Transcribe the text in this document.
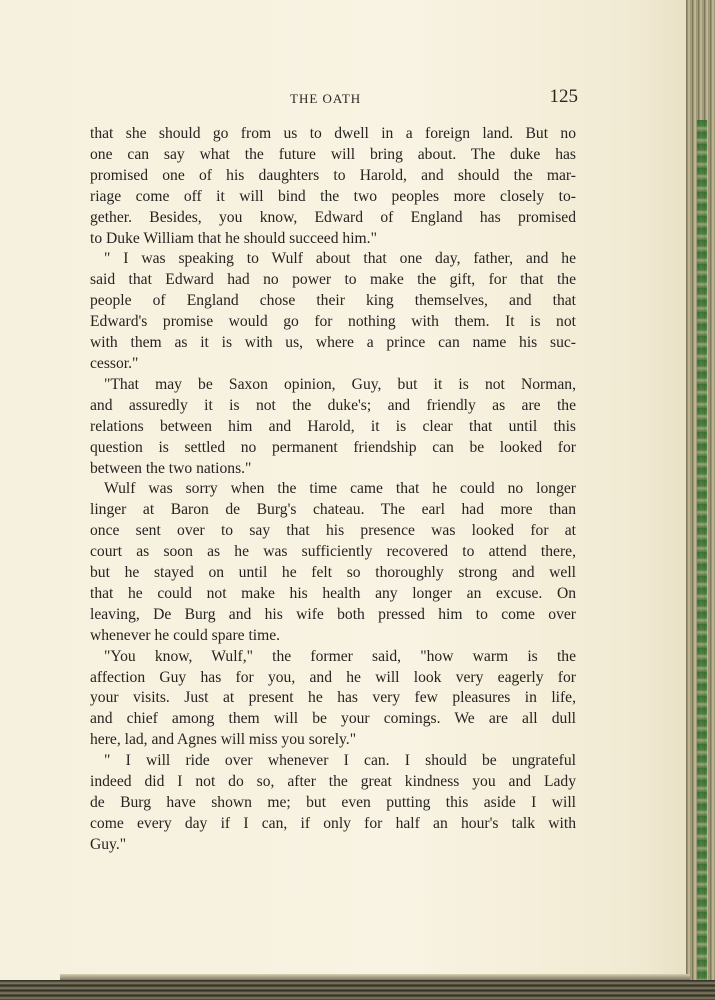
THE OATH	125

that she should go from us to dwell in a foreign land. But no

one can say what the future will bring about. The duke has

promised one of his daughters to Harold, and should the mar-

riage come off it will bind the two peoples more closely to-

gether. Besides, you know, Edward of England has promised

to Duke William that he should succeed him."

" I was speaking to Wulf about that one day, father, and he

said that Edward had no power to make the gift, for that the

people of England chose their king themselves, and that

Edward's promise would go for nothing with them. It is not

with them as it is with us, where a prince can name his suc-

cessor."

"That may be Saxon opinion, Guy, but it is not Norman,

and assuredly it is not the duke's; and friendly as are the

relations between him and Harold, it is clear that until this

question is settled no permanent friendship can be looked for

between the two nations."

Wulf was sorry when the time came that he could no longer

linger at Baron de Burg's chateau. The earl had more than

once sent over to say that his presence was looked for at

court as soon as he was sufficiently recovered to attend there,

but he stayed on until he felt so thoroughly strong and well

that he could not make his health any longer an excuse. On

leaving, De Burg and his wife both pressed him to come over

whenever he could spare time.

"You know, Wulf," the former said, "how warm is the

affection Guy has for you, and he will look very eagerly for

your visits. Just at present he has very few pleasures in life,

and chief among them will be your comings. We are all dull

here, lad, and Agnes will miss you sorely."

" I will ride over whenever I can. I should be ungrateful

indeed did I not do so, after the great kindness you and Lady

de Burg have shown me; but even putting this aside I will

come every day if I can, if only for half an hour's talk with

Guy."
